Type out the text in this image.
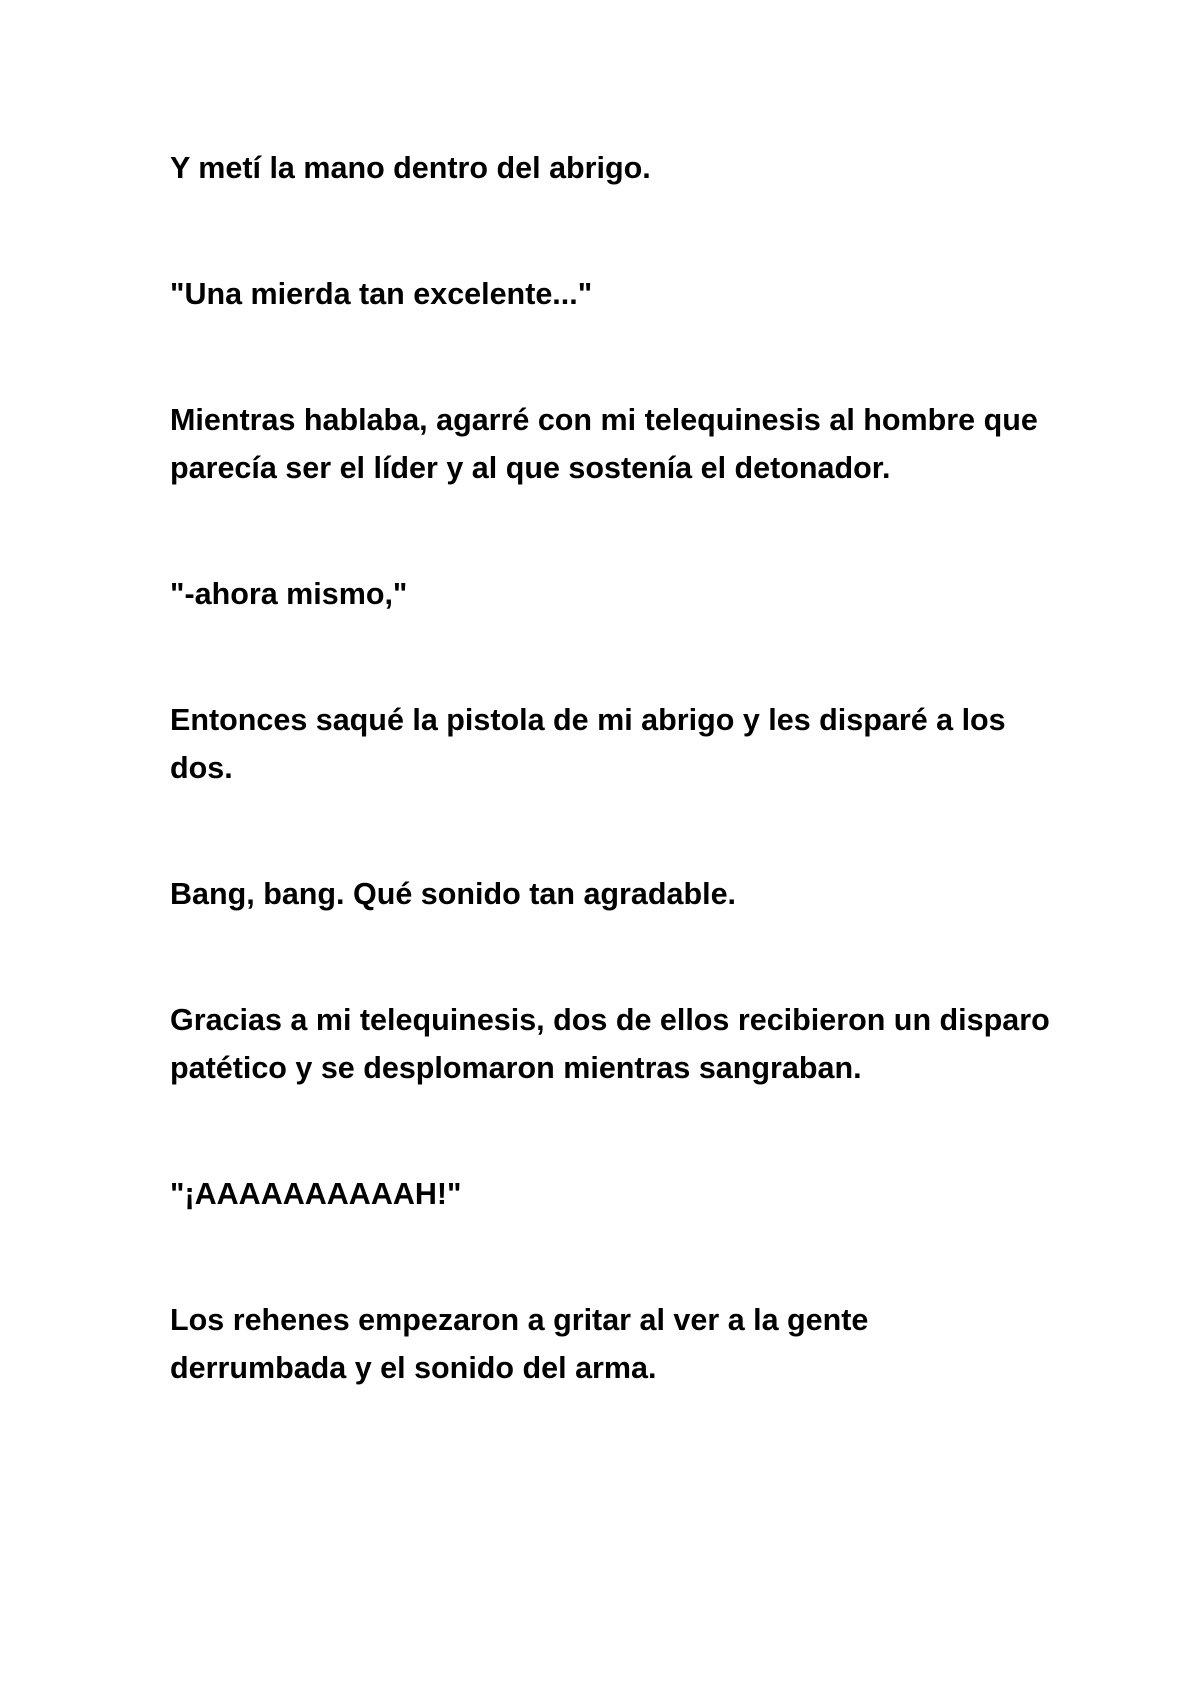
Y metí la mano dentro del abrigo.

"Una mierda tan excelente..."

Mientras hablaba, agarré con mi telequinesis al hombre que parecía ser el líder y al que sostenía el detonador.

"-ahora mismo,"

Entonces saqué la pistola de mi abrigo y les disparé a los dos.

Bang, bang. Qué sonido tan agradable.

Gracias a mi telequinesis, dos de ellos recibieron un disparo patético y se desplomaron mientras sangraban.

"¡AAAAAAAAAAH!"

Los rehenes empezaron a gritar al ver a la gente derrumbada y el sonido del arma.
